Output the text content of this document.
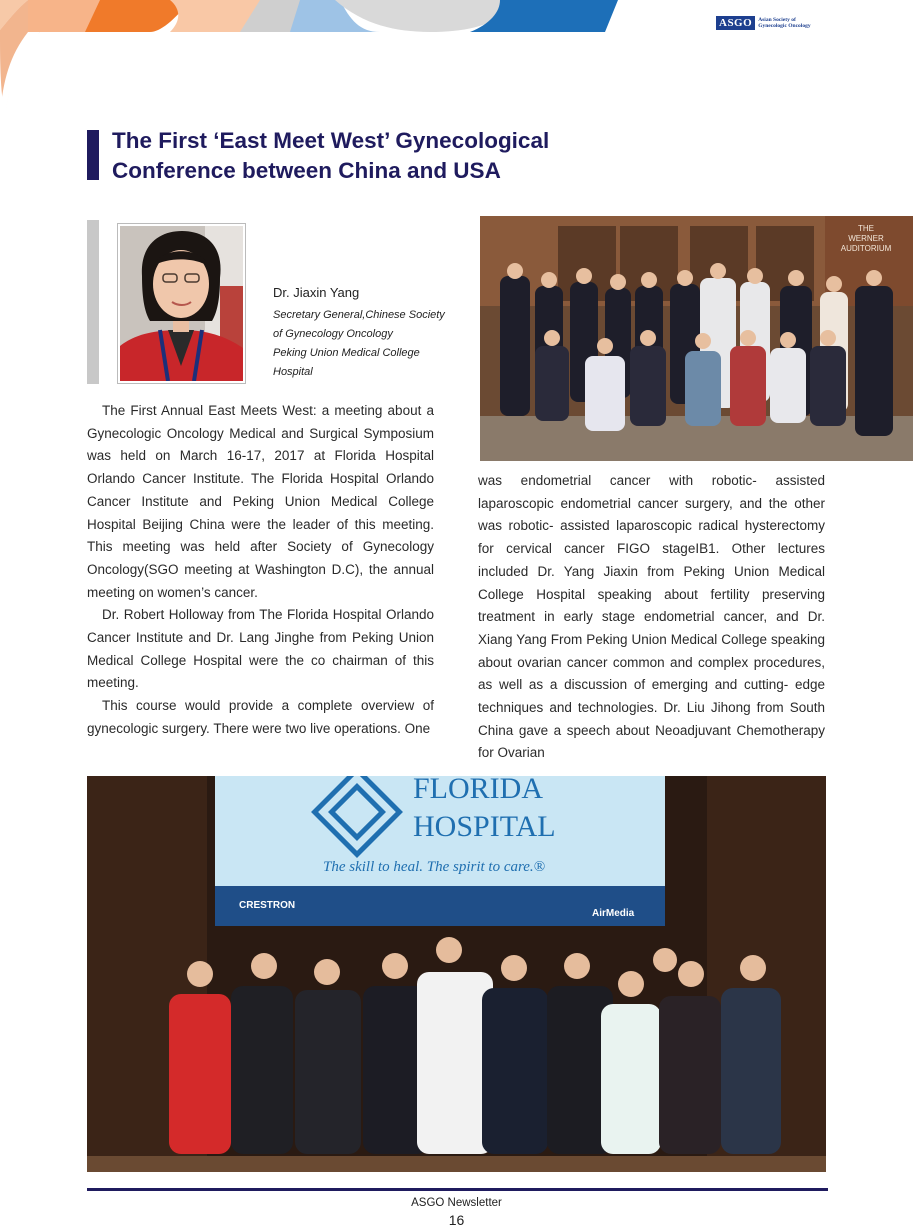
ASGO	Asian Society of
Gynecologic Oncology
The First ‘East Meet West’ Gynecological
Conference between China and USA
Dr. Jiaxin Yang
Secretary General,Chinese Society
of Gynecology Oncology
Peking Union Medical College
Hospital
THE
WERNER
AUDITORIUM

The First Annual East Meets West: a meeting about a Gynecologic Oncology Medical and Surgical Symposium was held on March 16-17, 2017 at Florida Hospital Orlando Cancer Institute. The Florida Hospital Orlando Cancer Institute and Peking Union Medical College Hospital Beijing China were the leader of this meeting. This meeting was held after Society of Gynecology Oncology(SGO meeting at Washington D.C), the annual meeting on women’s cancer.

Dr. Robert Holloway from The Florida Hospital Orlando Cancer Institute and Dr. Lang Jinghe from Peking Union Medical College Hospital were the co chairman of this meeting.

This course would provide a complete overview of gynecologic surgery. There were two live operations. One

was endometrial cancer with robotic- assisted laparoscopic endometrial cancer surgery, and the other was robotic- assisted laparoscopic radical hysterectomy for cervical cancer FIGO stageIB1. Other lectures included Dr. Yang Jiaxin from Peking Union Medical College Hospital speaking about fertility preserving treatment in early stage endometrial cancer, and Dr. Xiang Yang From Peking Union Medical College speaking about ovarian cancer common and complex procedures, as well as a discussion of emerging and cutting- edge techniques and technologies. Dr. Liu Jihong from South China gave a speech about Neoadjuvant Chemotherapy for Ovarian

FLORIDA
HOSPITAL
The skill to heal. The spirit to care.®
CRESTRON
AirMedia
ASGO Newsletter
16
